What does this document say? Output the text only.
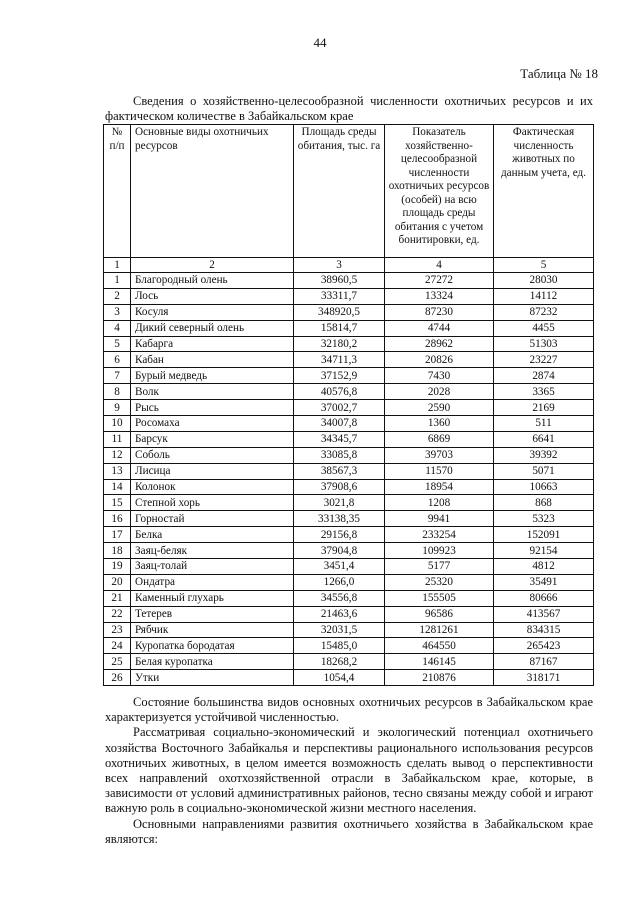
44
Таблица № 18
Сведения о хозяйственно-целесообразной численности охотничьих ресурсов и их фактическом количестве в Забайкальском крае
№ п/п	Основные виды охотничьих ресурсов	Площадь среды обитания, тыс. га	Показатель хозяйственно-целесообразной численности охотничьих ресурсов (особей) на всю площадь среды обитания с учетом бонитировки, ед.	Фактическая численность животных по данным учета, ед.
1	2	3	4	5
1	Благородный олень	38960,5	27272	28030
2	Лось	33311,7	13324	14112
3	Косуля	348920,5	87230	87232
4	Дикий северный олень	15814,7	4744	4455
5	Кабарга	32180,2	28962	51303
6	Кабан	34711,3	20826	23227
7	Бурый медведь	37152,9	7430	2874
8	Волк	40576,8	2028	3365
9	Рысь	37002,7	2590	2169
10	Росомаха	34007,8	1360	511
11	Барсук	34345,7	6869	6641
12	Соболь	33085,8	39703	39392
13	Лисица	38567,3	11570	5071
14	Колонок	37908,6	18954	10663
15	Степной хорь	3021,8	1208	868
16	Горностай	33138,35	9941	5323
17	Белка	29156,8	233254	152091
18	Заяц-беляк	37904,8	109923	92154
19	Заяц-толай	3451,4	5177	4812
20	Ондатра	1266,0	25320	35491
21	Каменный глухарь	34556,8	155505	80666
22	Тетерев	21463,6	96586	413567
23	Рябчик	32031,5	1281261	834315
24	Куропатка бородатая	15485,0	464550	265423
25	Белая куропатка	18268,2	146145	87167
26	Утки	1054,4	210876	318171

Состояние большинства видов основных охотничьих ресурсов в Забайкальском крае характеризуется устойчивой численностью.

Рассматривая социально-экономический и экологический потенциал охотничьего хозяйства Восточного Забайкалья и перспективы рационального использования ресурсов охотничьих животных, в целом имеется возможность сделать вывод о перспективности всех направлений охотхозяйственной отрасли в Забайкальском крае, которые, в зависимости от условий административных районов, тесно связаны между собой и играют важную роль в социально-экономической жизни местного населения.

Основными направлениями развития охотничьего хозяйства в Забайкальском крае являются:
